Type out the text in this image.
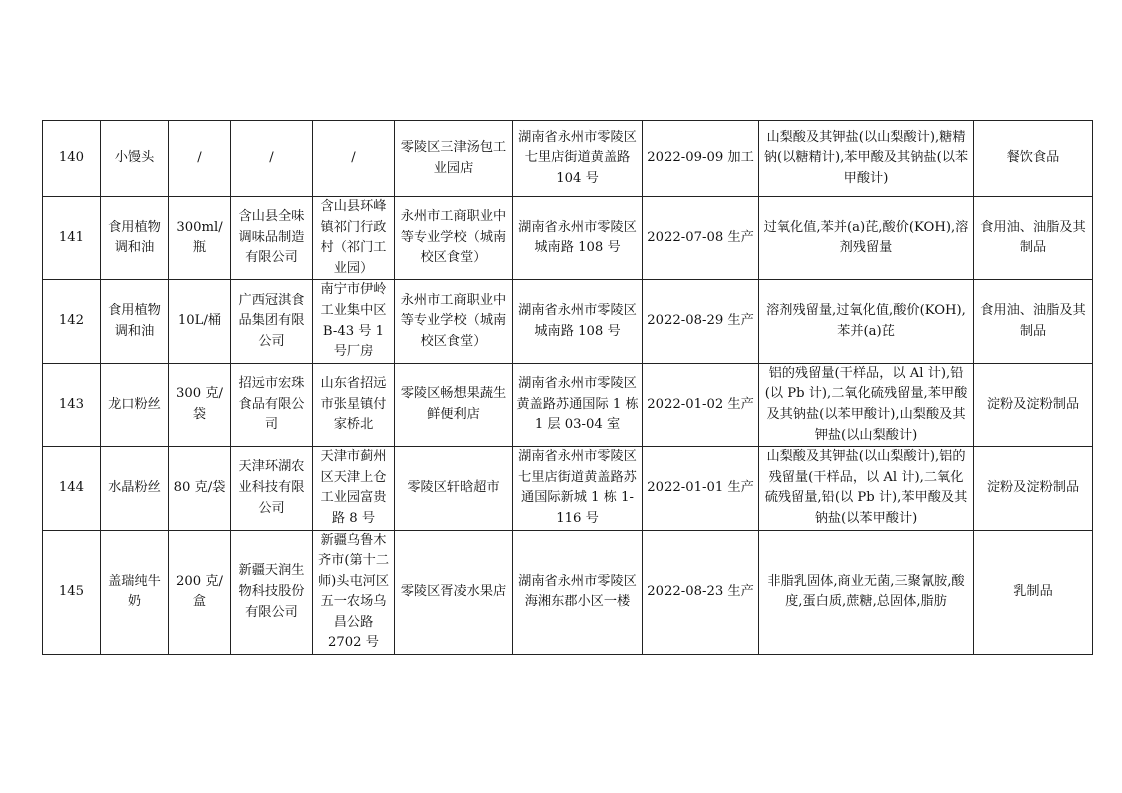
140	小馒头	/	/	/	零陵区三津汤包工业园店	湖南省永州市零陵区七里店街道黄盖路 104 号	2022-09-09 加工	山梨酸及其钾盐(以山梨酸计),糖精钠(以糖精计),苯甲酸及其钠盐(以苯甲酸计)	餐饮食品
141	食用植物调和油	300ml/瓶	含山县全味调味品制造有限公司	含山县环峰镇祁门行政村（祁门工业园）	永州市工商职业中等专业学校（城南校区食堂）	湖南省永州市零陵区城南路 108 号	2022-07-08 生产	过氧化值,苯并(a)芘,酸价(KOH),溶剂残留量	食用油、油脂及其制品
142	食用植物调和油	10L/桶	广西冠淇食品集团有限公司	南宁市伊岭工业集中区 B-43 号 1 号厂房	永州市工商职业中等专业学校（城南校区食堂）	湖南省永州市零陵区城南路 108 号	2022-08-29 生产	溶剂残留量,过氧化值,酸价(KOH),苯并(a)芘	食用油、油脂及其制品
143	龙口粉丝	300 克/袋	招远市宏珠食品有限公司	山东省招远市张星镇付家桥北	零陵区畅想果蔬生鲜便利店	湖南省永州市零陵区黄盖路苏通国际 1 栋 1 层 03-04 室	2022-01-02 生产	铝的残留量(干样品，以 Al 计),铅(以 Pb 计),二氧化硫残留量,苯甲酸及其钠盐(以苯甲酸计),山梨酸及其钾盐(以山梨酸计)	淀粉及淀粉制品
144	水晶粉丝	80 克/袋	天津环湖农业科技有限公司	天津市蓟州区天津上仓工业园富贵路 8 号	零陵区轩晗超市	湖南省永州市零陵区七里店街道黄盖路苏通国际新城 1 栋 1-116 号	2022-01-01 生产	山梨酸及其钾盐(以山梨酸计),铝的残留量(干样品，以 Al 计),二氧化硫残留量,铅(以 Pb 计),苯甲酸及其钠盐(以苯甲酸计)	淀粉及淀粉制品
145	盖瑞纯牛奶	200 克/盒	新疆天润生物科技股份有限公司	新疆乌鲁木齐市(第十二师)头屯河区五一农场乌昌公路 2702 号	零陵区胥凌水果店	湖南省永州市零陵区海湘东郡小区一楼	2022-08-23 生产	非脂乳固体,商业无菌,三聚氰胺,酸度,蛋白质,蔗糖,总固体,脂肪	乳制品
